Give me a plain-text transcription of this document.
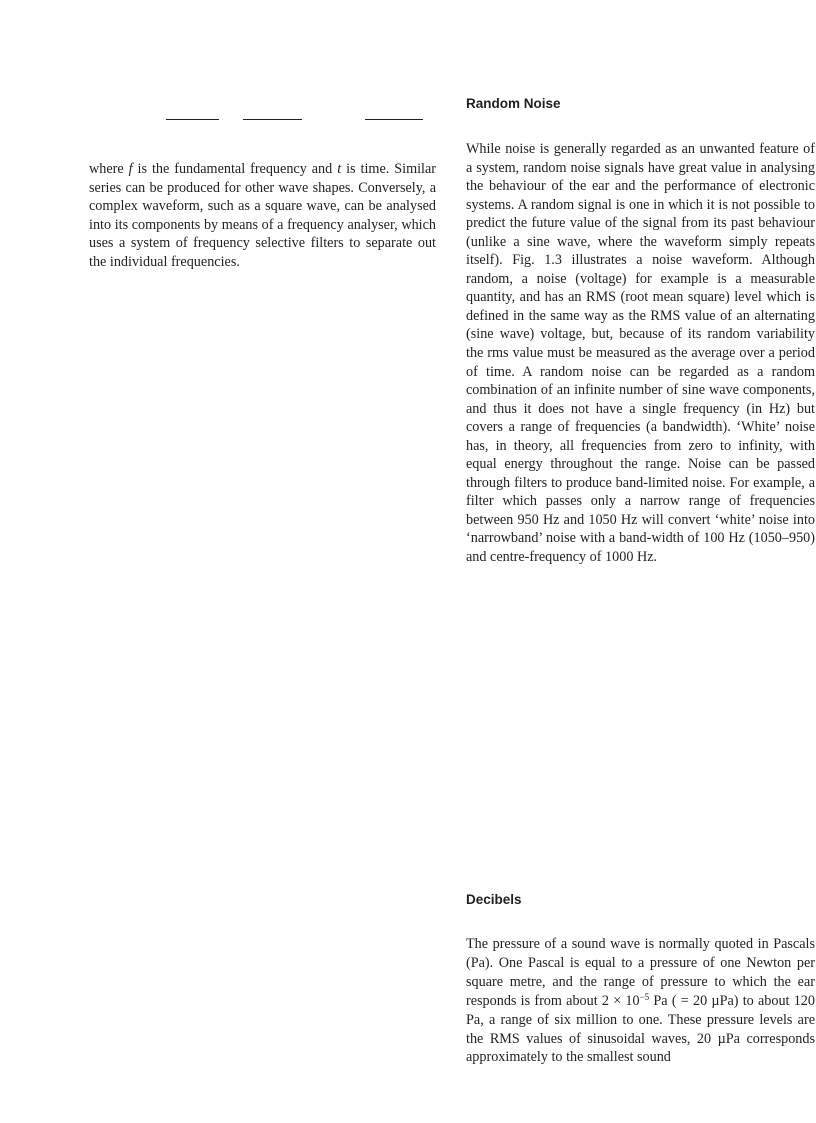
where f is the fundamental frequency and t is time. Similar series can be produced for other wave shapes. Conversely, a complex waveform, such as a square wave, can be analysed into its components by means of a frequency analyser, which uses a system of frequency selective filters to separate out the individual frequencies.

Random Noise

While noise is generally regarded as an unwanted feature of a system, random noise signals have great value in analysing the behaviour of the ear and the performance of electronic systems. A random signal is one in which it is not possible to predict the future value of the signal from its past behaviour (unlike a sine wave, where the waveform simply repeats itself). Fig. 1.3 illustrates a noise waveform. Although random, a noise (voltage) for example is a measurable quantity, and has an RMS (root mean square) level which is defined in the same way as the RMS value of an alternating (sine wave) voltage, but, because of its random variability the rms value must be measured as the average over a period of time. A random noise can be regarded as a random combination of an infinite number of sine wave components, and thus it does not have a single frequency (in Hz) but covers a range of frequencies (a bandwidth). ‘White’ noise has, in theory, all frequencies from zero to infinity, with equal energy throughout the range. Noise can be passed through filters to produce band-limited noise. For example, a filter which passes only a narrow range of frequencies between 950 Hz and 1050 Hz will convert ‘white’ noise into ‘narrowband’ noise with a band-width of 100 Hz (1050–950) and centre-frequency of 1000 Hz.

Decibels

The pressure of a sound wave is normally quoted in Pascals (Pa). One Pascal is equal to a pressure of one Newton per square metre, and the range of pressure to which the ear responds is from about $2 \times 10^{-5}$ Pa ( = 20 µPa) to about 120 Pa, a range of six million to one. These pressure levels are the RMS values of sinusoidal waves, 20 µPa corresponds approximately to the smallest sound
